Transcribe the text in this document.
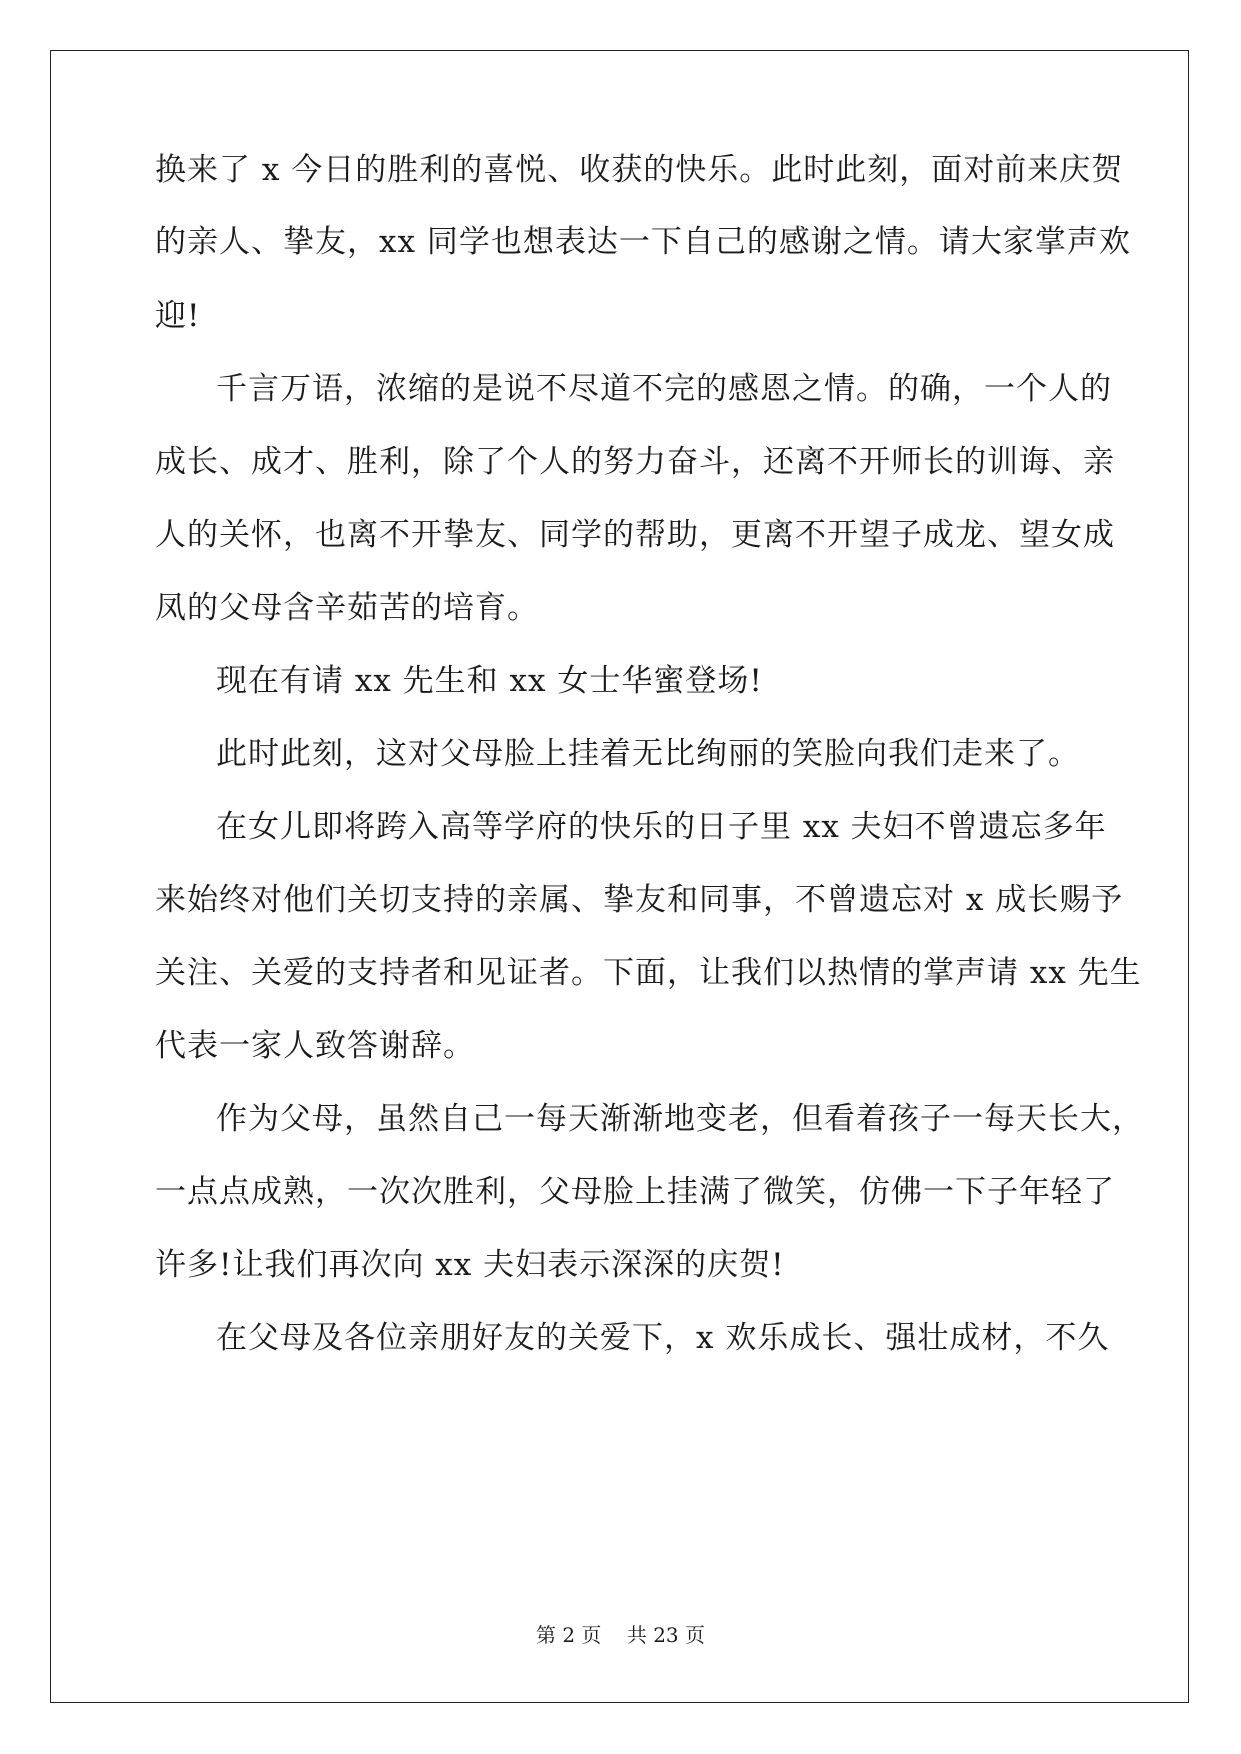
换来了 x 今日的胜利的喜悦、收获的快乐。此时此刻，面对前来庆贺
的亲人、挚友，xx 同学也想表达一下自己的感谢之情。请大家掌声欢
迎!
千言万语，浓缩的是说不尽道不完的感恩之情。的确，一个人的
成长、成才、胜利，除了个人的努力奋斗，还离不开师长的训诲、亲
人的关怀，也离不开挚友、同学的帮助，更离不开望子成龙、望女成
凤的父母含辛茹苦的培育。
现在有请 xx 先生和 xx 女士华蜜登场!
此时此刻，这对父母脸上挂着无比绚丽的笑脸向我们走来了。
在女儿即将跨入高等学府的快乐的日子里 xx 夫妇不曾遗忘多年
来始终对他们关切支持的亲属、挚友和同事，不曾遗忘对 x 成长赐予
关注、关爱的支持者和见证者。下面，让我们以热情的掌声请 xx 先生
代表一家人致答谢辞。
作为父母，虽然自己一每天渐渐地变老，但看着孩子一每天长大，
一点点成熟，一次次胜利，父母脸上挂满了微笑，仿佛一下子年轻了
许多!让我们再次向 xx 夫妇表示深深的庆贺!
在父母及各位亲朋好友的关爱下，x 欢乐成长、强壮成材，不久
第 2 页    共 23 页
